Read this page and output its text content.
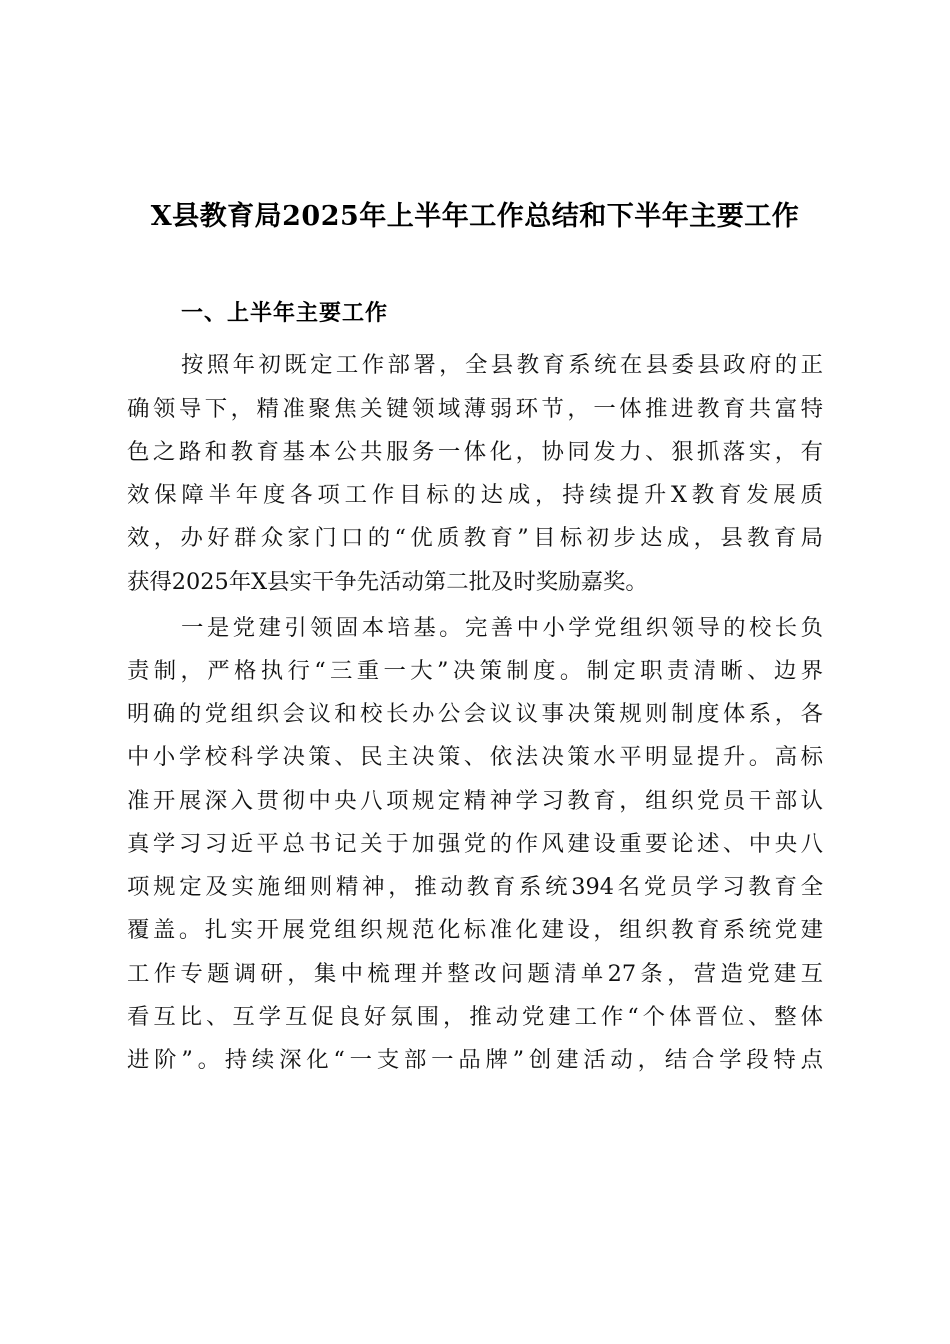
X县教育局2025年上半年工作总结和下半年主要工作
一、上半年主要工作
按照年初既定工作部署，全县教育系统在县委县政府的正
确领导下，精准聚焦关键领域薄弱环节，一体推进教育共富特
色之路和教育基本公共服务一体化，协同发力、狠抓落实，有
效保障半年度各项工作目标的达成，持续提升X教育发展质
效，办好群众家门口的“优质教育”目标初步达成，县教育局
获得2025年X县实干争先活动第二批及时奖励嘉奖。
一是党建引领固本培基。完善中小学党组织领导的校长负
责制，严格执行“三重一大”决策制度。制定职责清晰、边界
明确的党组织会议和校长办公会议议事决策规则制度体系，各
中小学校科学决策、民主决策、依法决策水平明显提升。高标
准开展深入贯彻中央八项规定精神学习教育，组织党员干部认
真学习习近平总书记关于加强党的作风建设重要论述、中央八
项规定及实施细则精神，推动教育系统394名党员学习教育全
覆盖。扎实开展党组织规范化标准化建设，组织教育系统党建
工作专题调研，集中梳理并整改问题清单27条，营造党建互
看互比、互学互促良好氛围，推动党建工作“个体晋位、整体
进阶”。持续深化“一支部一品牌”创建活动，结合学段特点
